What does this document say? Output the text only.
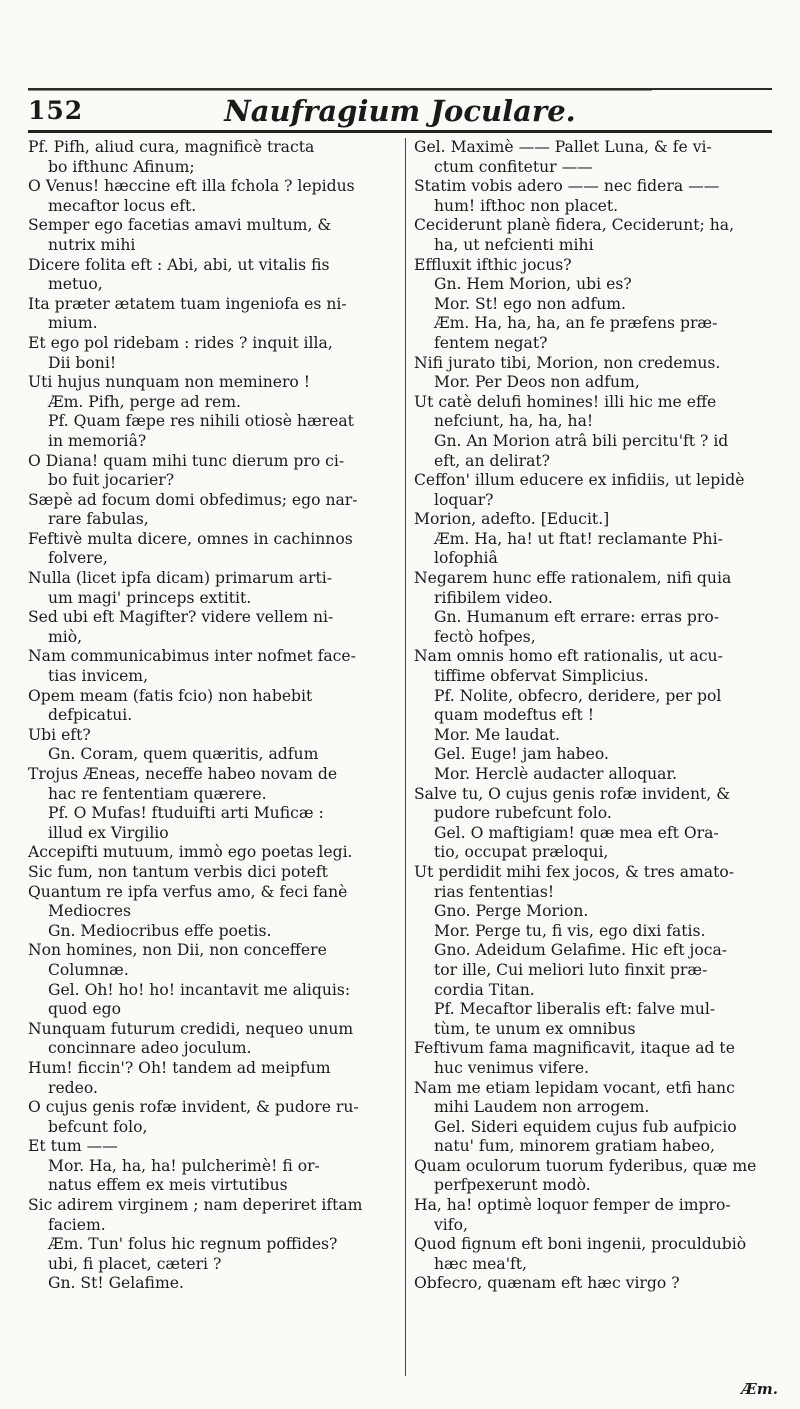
152	Naufragium Joculare.
Pf. Pifh, aliud cura, magnificè tracta
bo ifthunc Afinum;
O Venus! hæccine eft illa fchola ? lepidus
mecaftor locus eft.
Semper ego facetias amavi multum, &
nutrix mihi
Dicere folita eft : Abi, abi, ut vitalis fis
metuo,
Ita præter ætatem tuam ingeniofa es ni-
mium.
Et ego pol ridebam : rides ? inquit illa,
Dii boni!
Uti hujus nunquam non meminero !
Æm. Pifh, perge ad rem.
Pf. Quam fæpe res nihili otiosè hæreat
in memoriâ?
O Diana! quam mihi tunc dierum pro ci-
bo fuit jocarier?
Sæpè ad focum domi obfedimus; ego nar-
rare fabulas,
Feftivè multa dicere, omnes in cachinnos
folvere,
Nulla (licet ipfa dicam) primarum arti-
um magi' princeps extitit.
Sed ubi eft Magifter? videre vellem ni-
miò,
Nam communicabimus inter nofmet face-
tias invicem,
Opem meam (fatis fcio) non habebit
defpicatui.
Ubi eft?
Gn. Coram, quem quæritis, adfum
Trojus Æneas, neceffe habeo novam de
hac re fententiam quærere.
Pf. O Mufas! ftuduifti arti Muficæ :
illud ex Virgilio
Accepifti mutuum, immò ego poetas legi.
Sic fum, non tantum verbis dici poteft
Quantum re ipfa verfus amo, & feci fanè
Mediocres
Gn. Mediocribus effe poetis.
Non homines, non Dii, non conceffere
Columnæ.
Gel. Oh! ho! ho! incantavit me aliquis:
quod ego
Nunquam futurum credidi, nequeo unum
concinnare adeo joculum.
Hum! ficcin'? Oh! tandem ad meipfum
redeo.
O cujus genis rofæ invident, & pudore ru-
befcunt folo,
Et tum ——
Mor. Ha, ha, ha! pulcherimè! fi or-
natus effem ex meis virtutibus
Sic adirem virginem ; nam deperiret iftam
faciem.
Æm. Tun' folus hic regnum poffides?
ubi, fi placet, cæteri ?
Gn. St! Gelafime.
Gel. Maximè —— Pallet Luna, & fe vi-
ctum confitetur ——
Statim vobis adero —— nec fidera ——
hum! ifthoc non placet.
Ceciderunt planè fidera, Ceciderunt; ha,
ha, ut nefcienti mihi
Effluxit ifthic jocus?
Gn. Hem Morion, ubi es?
Mor. St! ego non adfum.
Æm. Ha, ha, ha, an fe præfens præ-
fentem negat?
Nifi jurato tibi, Morion, non credemus.
Mor. Per Deos non adfum,
Ut catè delufi homines! illi hic me effe
nefciunt, ha, ha, ha!
Gn. An Morion atrâ bili percitu'ft ? id
eft, an delirat?
Ceffon' illum educere ex infidiis, ut lepidè
loquar?
Morion, adefto. [Educit.]
Æm. Ha, ha! ut ftat! reclamante Phi-
lofophiâ
Negarem hunc effe rationalem, nifi quia
rifibilem video.
Gn. Humanum eft errare: erras pro-
fectò hofpes,
Nam omnis homo eft rationalis, ut acu-
tiffime obfervat Simplicius.
Pf. Nolite, obfecro, deridere, per pol
quam modeftus eft !
Mor. Me laudat.
Gel. Euge! jam habeo.
Mor. Herclè audacter alloquar.
Salve tu, O cujus genis rofæ invident, &
pudore rubefcunt folo.
Gel. O maftigiam! quæ mea eft Ora-
tio, occupat præloqui,
Ut perdidit mihi fex jocos, & tres amato-
rias fententias!
Gno. Perge Morion.
Mor. Perge tu, fi vis, ego dixi fatis.
Gno. Adeidum Gelafime. Hic eft joca-
tor ille, Cui meliori luto finxit præ-
cordia Titan.
Pf. Mecaftor liberalis eft: falve mul-
tùm, te unum ex omnibus
Feftivum fama magnificavit, itaque ad te
huc venimus vifere.
Nam me etiam lepidam vocant, etfi hanc
mihi Laudem non arrogem.
Gel. Sideri equidem cujus fub aufpicio
natu' fum, minorem gratiam habeo,
Quam oculorum tuorum fyderibus, quæ me
perfpexerunt modò.
Ha, ha! optimè loquor femper de impro-
vifo,
Quod fignum eft boni ingenii, proculdubiò
hæc mea'ft,
Obfecro, quænam eft hæc virgo ?
Æm.
